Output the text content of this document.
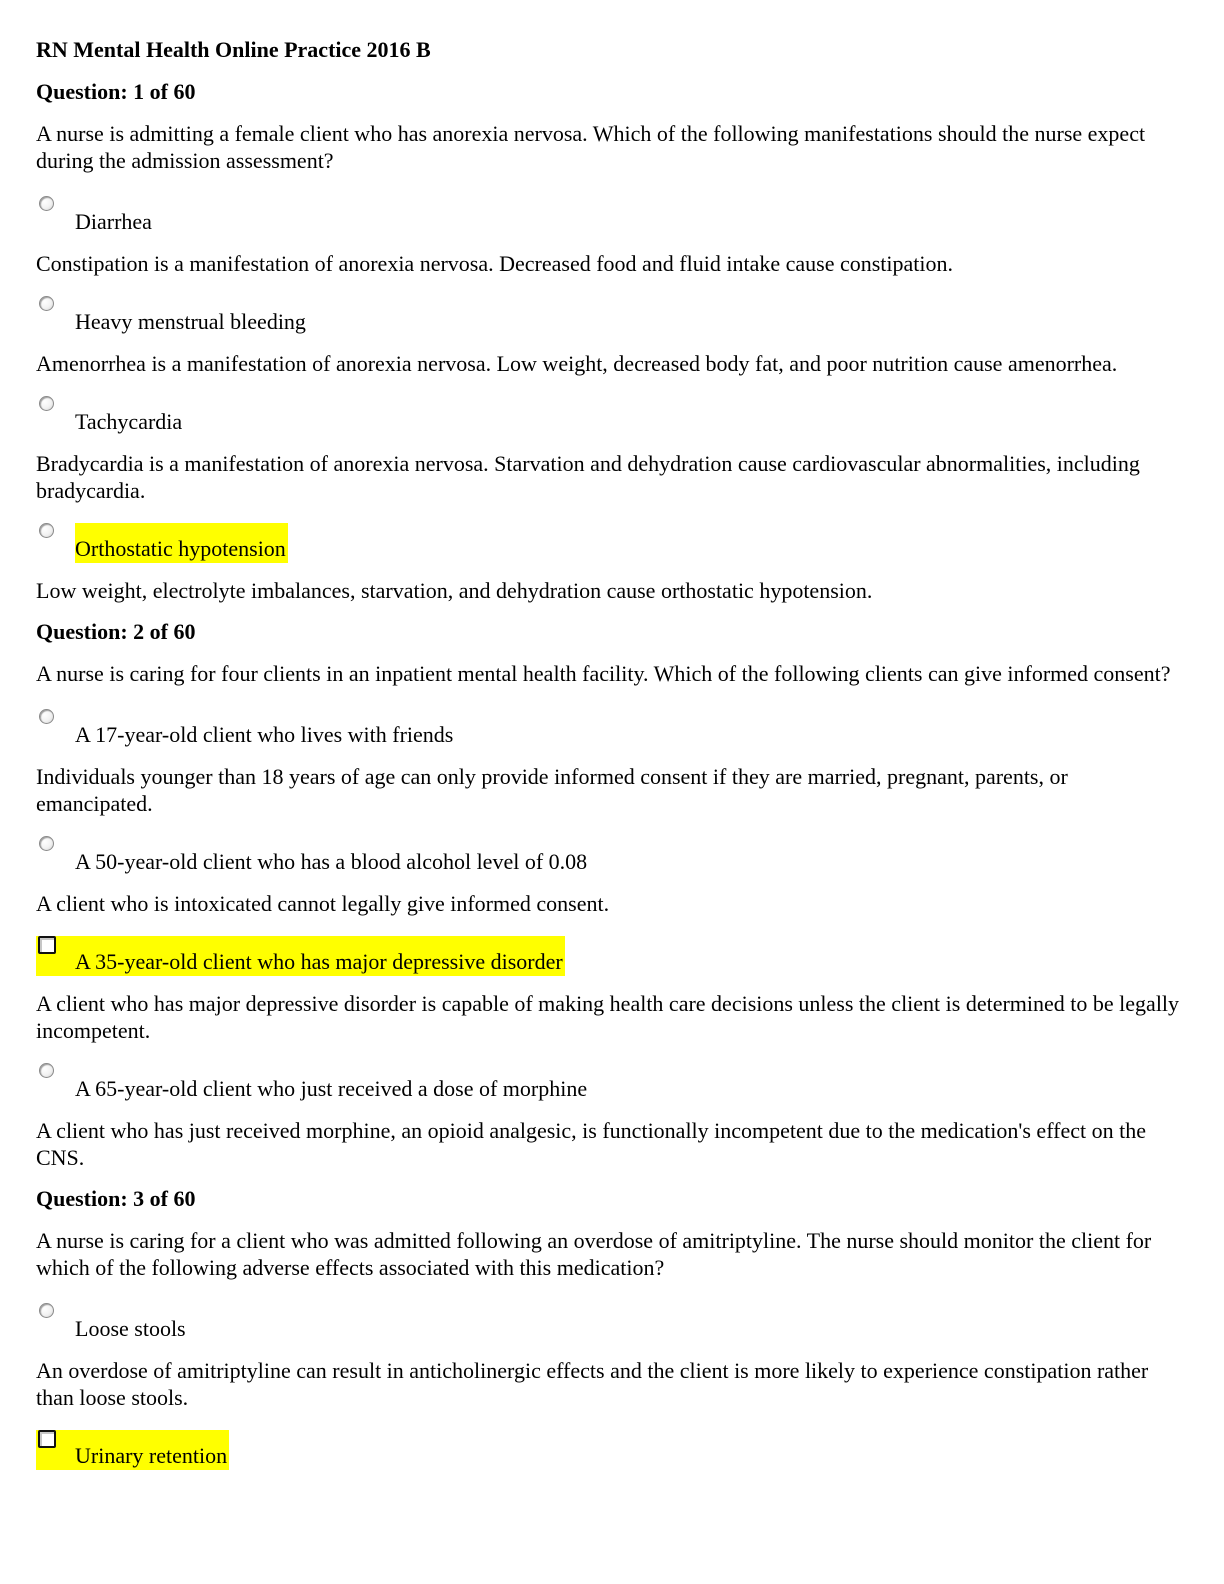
RN Mental Health Online Practice 2016 B
Question: 1 of 60
A nurse is admitting a female client who has anorexia nervosa. Which of the following manifestations should the nurse expect during the admission assessment?
Diarrhea
Constipation is a manifestation of anorexia nervosa. Decreased food and fluid intake cause constipation.
Heavy menstrual bleeding
Amenorrhea is a manifestation of anorexia nervosa. Low weight, decreased body fat, and poor nutrition cause amenorrhea.
Tachycardia
Bradycardia is a manifestation of anorexia nervosa. Starvation and dehydration cause cardiovascular abnormalities, including bradycardia.
Orthostatic hypotension
Low weight, electrolyte imbalances, starvation, and dehydration cause orthostatic hypotension.
Question: 2 of 60
A nurse is caring for four clients in an inpatient mental health facility. Which of the following clients can give informed consent?
A 17-year-old client who lives with friends
Individuals younger than 18 years of age can only provide informed consent if they are married, pregnant, parents, or emancipated.
A 50-year-old client who has a blood alcohol level of 0.08
A client who is intoxicated cannot legally give informed consent.
A 35-year-old client who has major depressive disorder
A client who has major depressive disorder is capable of making health care decisions unless the client is determined to be legally incompetent.
A 65-year-old client who just received a dose of morphine
A client who has just received morphine, an opioid analgesic, is functionally incompetent due to the medication's effect on the CNS.
Question: 3 of 60
A nurse is caring for a client who was admitted following an overdose of amitriptyline. The nurse should monitor the client for which of the following adverse effects associated with this medication?
Loose stools
An overdose of amitriptyline can result in anticholinergic effects and the client is more likely to experience constipation rather than loose stools.
Urinary retention
